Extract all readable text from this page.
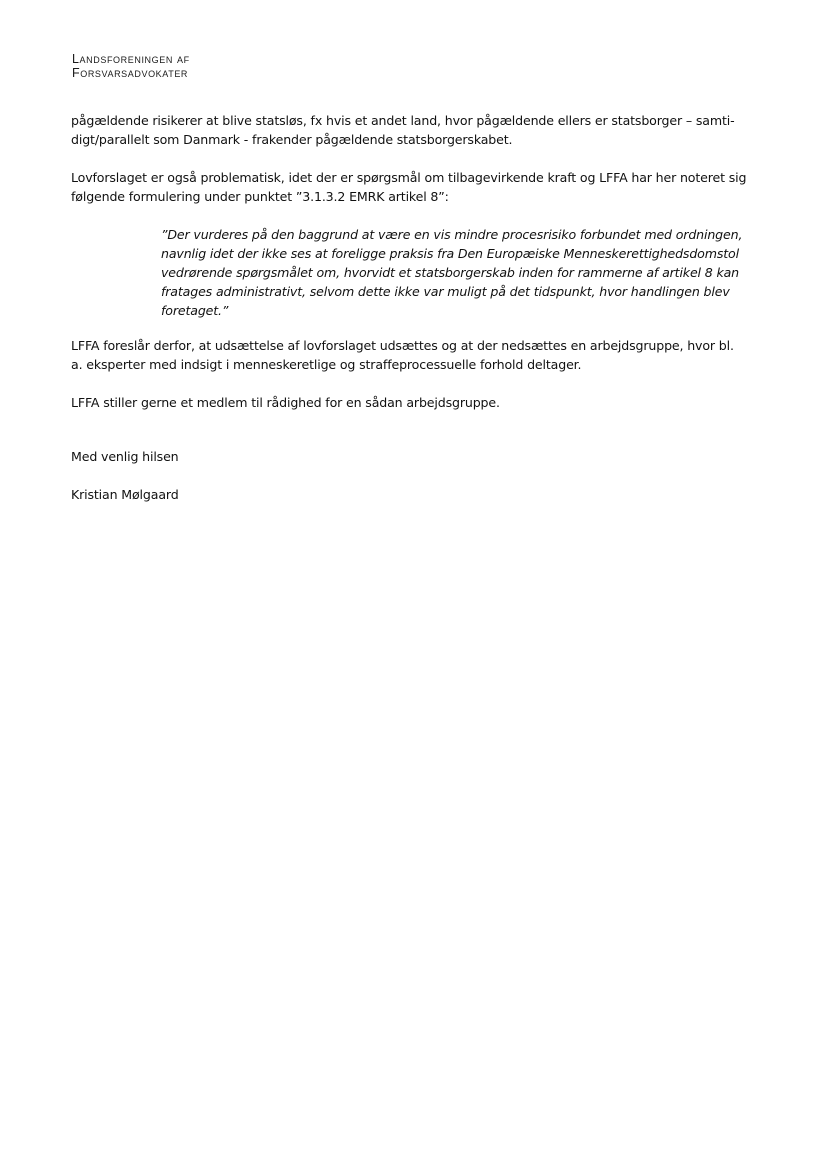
Landsforeningen af
Forsvarsadvokater
pågældende risikerer at blive statsløs, fx hvis et andet land, hvor pågældende ellers er statsborger – samti-
digt/parallelt som Danmark - frakender pågældende statsborgerskabet.
Lovforslaget er også problematisk, idet der er spørgsmål om tilbagevirkende kraft og LFFA har her noteret sig
følgende formulering under punktet ”3.1.3.2 EMRK artikel 8”:
”Der vurderes på den baggrund at være en vis mindre procesrisiko forbundet med ordningen,
navnlig idet der ikke ses at foreligge praksis fra Den Europæiske Menneskerettighedsdomstol
vedrørende spørgsmålet om, hvorvidt et statsborgerskab inden for rammerne af artikel 8 kan
fratages administrativt, selvom dette ikke var muligt på det tidspunkt, hvor handlingen blev
foretaget.”
LFFA foreslår derfor, at udsættelse af lovforslaget udsættes og at der nedsættes en arbejdsgruppe, hvor bl.
a. eksperter med indsigt i menneskeretlige og straffeprocessuelle forhold deltager.
LFFA stiller gerne et medlem til rådighed for en sådan arbejdsgruppe.
Med venlig hilsen
Kristian Mølgaard
